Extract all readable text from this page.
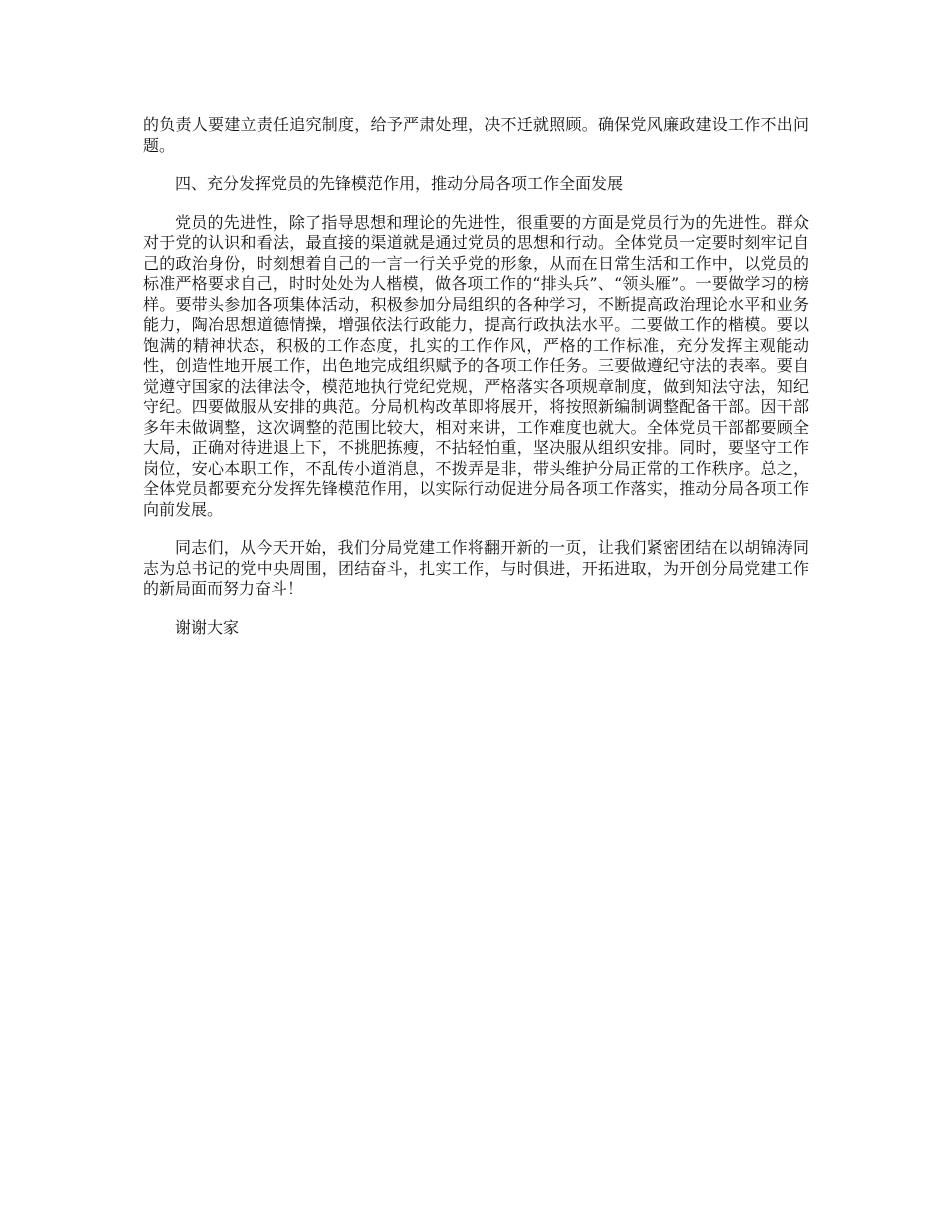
的负责人要建立责任追究制度，给予严肃处理，决不迁就照顾。确保党风廉政建设工作不出问题。

四、充分发挥党员的先锋模范作用，推动分局各项工作全面发展

党员的先进性，除了指导思想和理论的先进性，很重要的方面是党员行为的先进性。群众对于党的认识和看法，最直接的渠道就是通过党员的思想和行动。全体党员一定要时刻牢记自己的政治身份，时刻想着自己的一言一行关乎党的形象，从而在日常生活和工作中，以党员的标准严格要求自己，时时处处为人楷模，做各项工作的“排头兵”、“领头雁”。一要做学习的榜样。要带头参加各项集体活动，积极参加分局组织的各种学习，不断提高政治理论水平和业务能力，陶冶思想道德情操，增强依法行政能力，提高行政执法水平。二要做工作的楷模。要以饱满的精神状态，积极的工作态度，扎实的工作作风，严格的工作标准，充分发挥主观能动性，创造性地开展工作，出色地完成组织赋予的各项工作任务。三要做遵纪守法的表率。要自觉遵守国家的法律法令，模范地执行党纪党规，严格落实各项规章制度，做到知法守法，知纪守纪。四要做服从安排的典范。分局机构改革即将展开，将按照新编制调整配备干部。因干部多年未做调整，这次调整的范围比较大，相对来讲，工作难度也就大。全体党员干部都要顾全大局，正确对待进退上下，不挑肥拣瘦，不拈轻怕重，坚决服从组织安排。同时，要坚守工作岗位，安心本职工作，不乱传小道消息，不拨弄是非，带头维护分局正常的工作秩序。总之，全体党员都要充分发挥先锋模范作用，以实际行动促进分局各项工作落实，推动分局各项工作向前发展。

同志们，从今天开始，我们分局党建工作将翻开新的一页，让我们紧密团结在以胡锦涛同志为总书记的党中央周围，团结奋斗，扎实工作，与时俱进，开拓进取，为开创分局党建工作的新局面而努力奋斗！

谢谢大家
